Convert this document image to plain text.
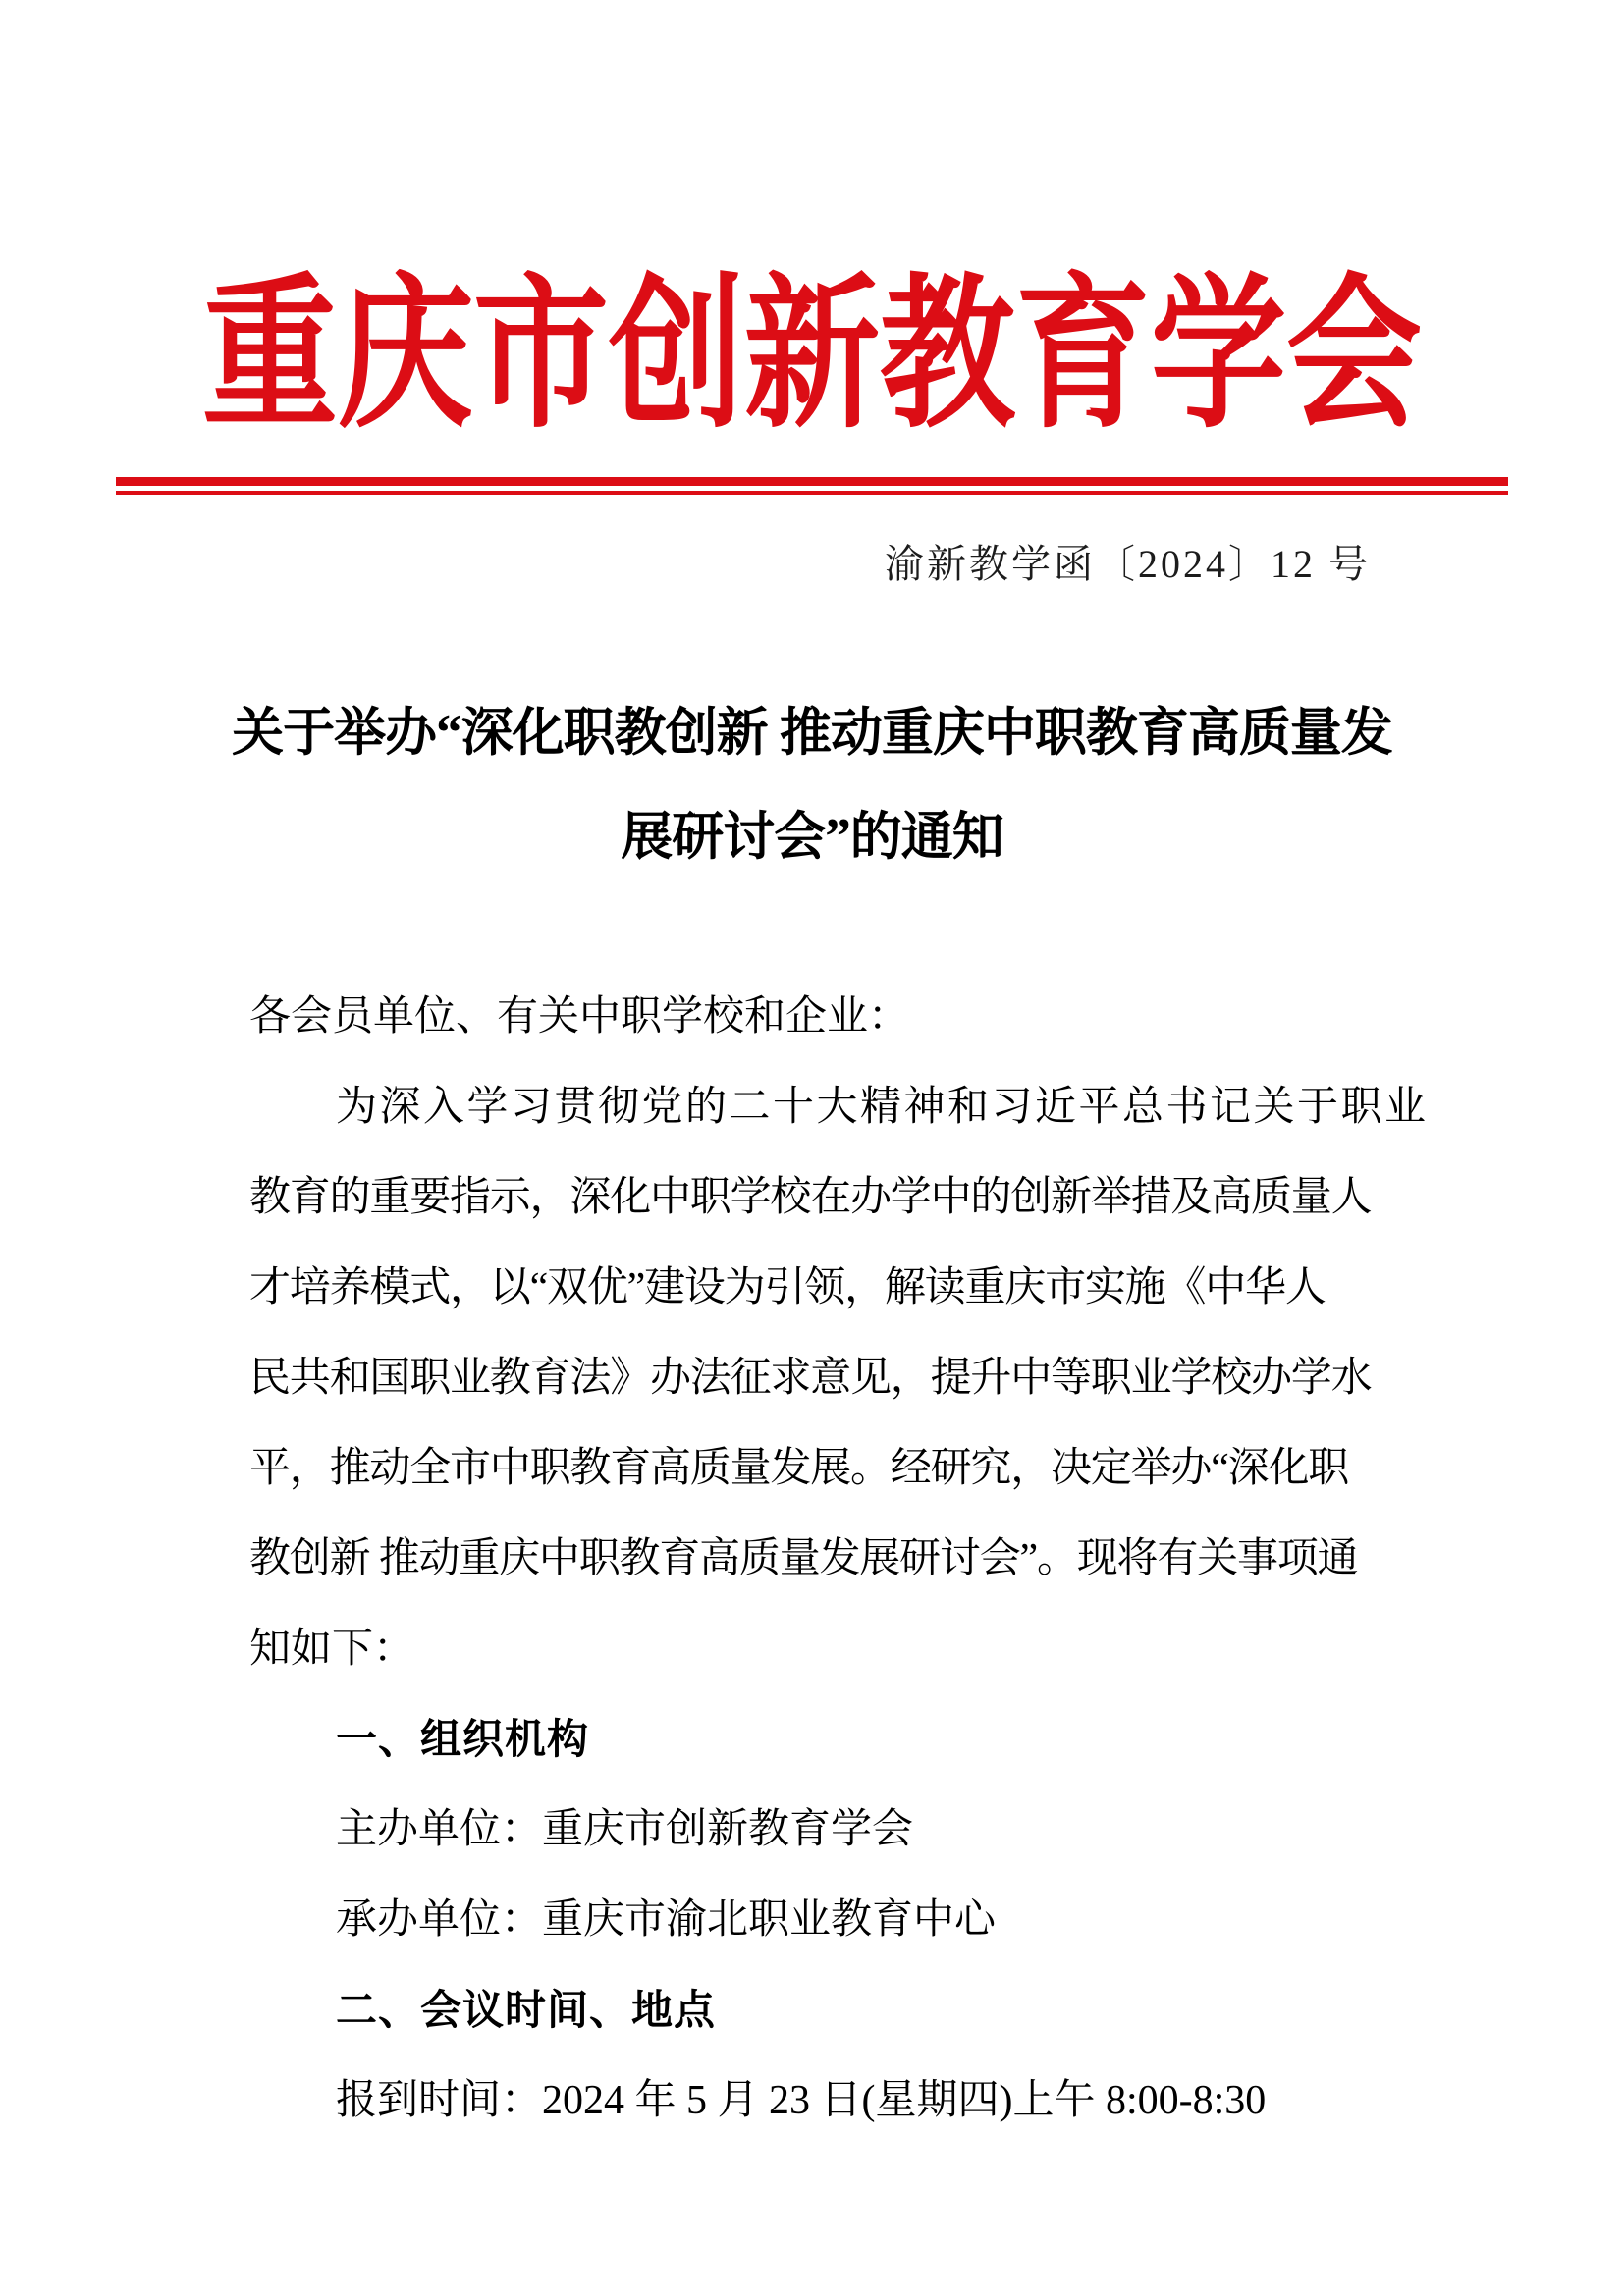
重庆市创新教育学会
渝新教学函〔2024〕12 号
关于举办“深化职教创新 推动重庆中职教育高质量发
展研讨会”的通知
各会员单位、有关中职学校和企业：
为深入学习贯彻党的二十大精神和习近平总书记关于职业
教育的重要指示，深化中职学校在办学中的创新举措及高质量人
才培养模式，以“双优”建设为引领，解读重庆市实施《中华人
民共和国职业教育法》办法征求意见，提升中等职业学校办学水
平，推动全市中职教育高质量发展。经研究，决定举办“深化职
教创新 推动重庆中职教育高质量发展研讨会”。现将有关事项通
知如下：
一、组织机构
主办单位：重庆市创新教育学会
承办单位：重庆市渝北职业教育中心
二、会议时间、地点
报到时间：2024 年 5 月 23 日(星期四)上午 8:00-8:30
